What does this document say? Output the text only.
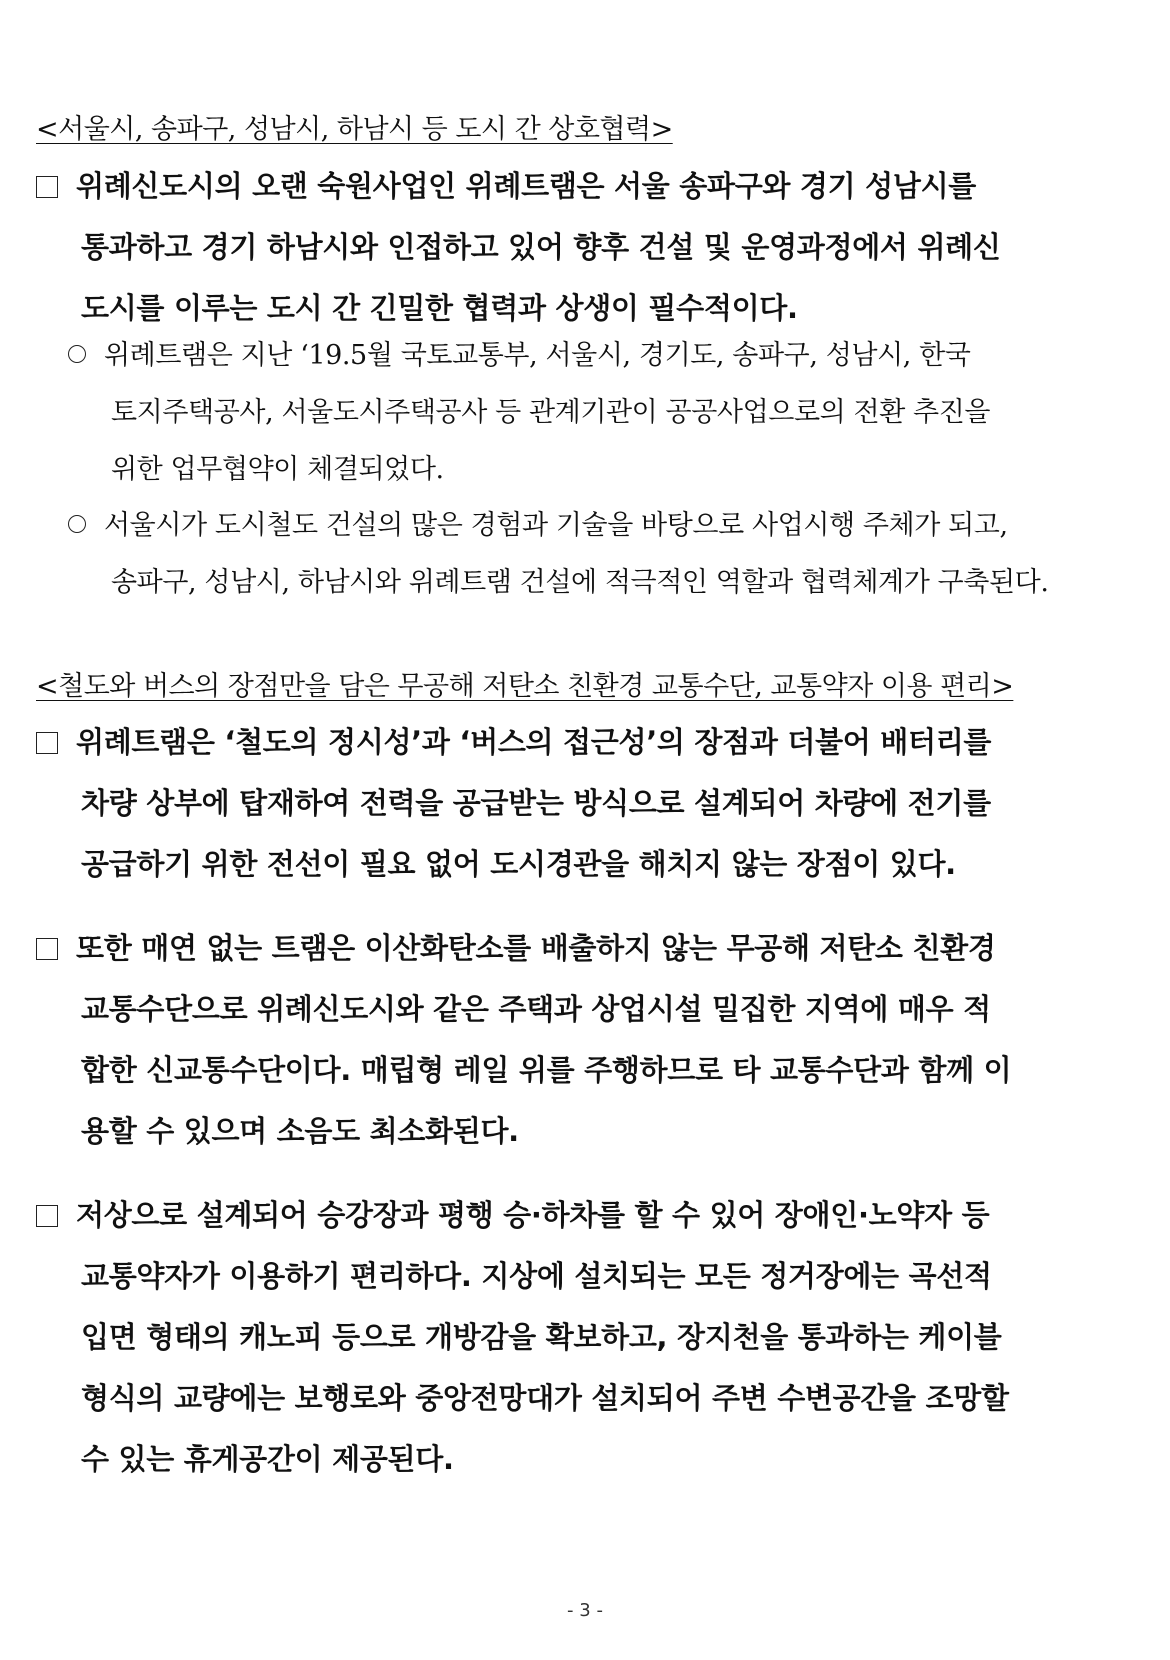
<서울시, 송파구, 성남시, 하남시 등 도시 간 상호협력>
위례신도시의 오랜 숙원사업인 위례트램은 서울 송파구와 경기 성남시를
통과하고 경기 하남시와 인접하고 있어 향후 건설 및 운영과정에서 위례신
도시를 이루는 도시 간 긴밀한 협력과 상생이 필수적이다.
위례트램은 지난 ‘19.5월 국토교통부, 서울시, 경기도, 송파구, 성남시, 한국
토지주택공사, 서울도시주택공사 등 관계기관이 공공사업으로의 전환 추진을
위한 업무협약이 체결되었다.
서울시가 도시철도 건설의 많은 경험과 기술을 바탕으로 사업시행 주체가 되고,
송파구, 성남시, 하남시와 위례트램 건설에 적극적인 역할과 협력체계가 구축된다.
<철도와 버스의 장점만을 담은 무공해 저탄소 친환경 교통수단, 교통약자 이용 편리>
위례트램은 ‘철도의 정시성’과 ‘버스의 접근성’의 장점과 더불어 배터리를
차량 상부에 탑재하여 전력을 공급받는 방식으로 설계되어 차량에 전기를
공급하기 위한 전선이 필요 없어 도시경관을 해치지 않는 장점이 있다.
또한 매연 없는 트램은 이산화탄소를 배출하지 않는 무공해 저탄소 친환경
교통수단으로 위례신도시와 같은 주택과 상업시설 밀집한 지역에 매우 적
합한 신교통수단이다. 매립형 레일 위를 주행하므로 타 교통수단과 함께 이
용할 수 있으며 소음도 최소화된다.
저상으로 설계되어 승강장과 평행 승·하차를 할 수 있어 장애인·노약자 등
교통약자가 이용하기 편리하다. 지상에 설치되는 모든 정거장에는 곡선적
입면 형태의 캐노피 등으로 개방감을 확보하고, 장지천을 통과하는 케이블
형식의 교량에는 보행로와 중앙전망대가 설치되어 주변 수변공간을 조망할
수 있는 휴게공간이 제공된다.
- 3 -
